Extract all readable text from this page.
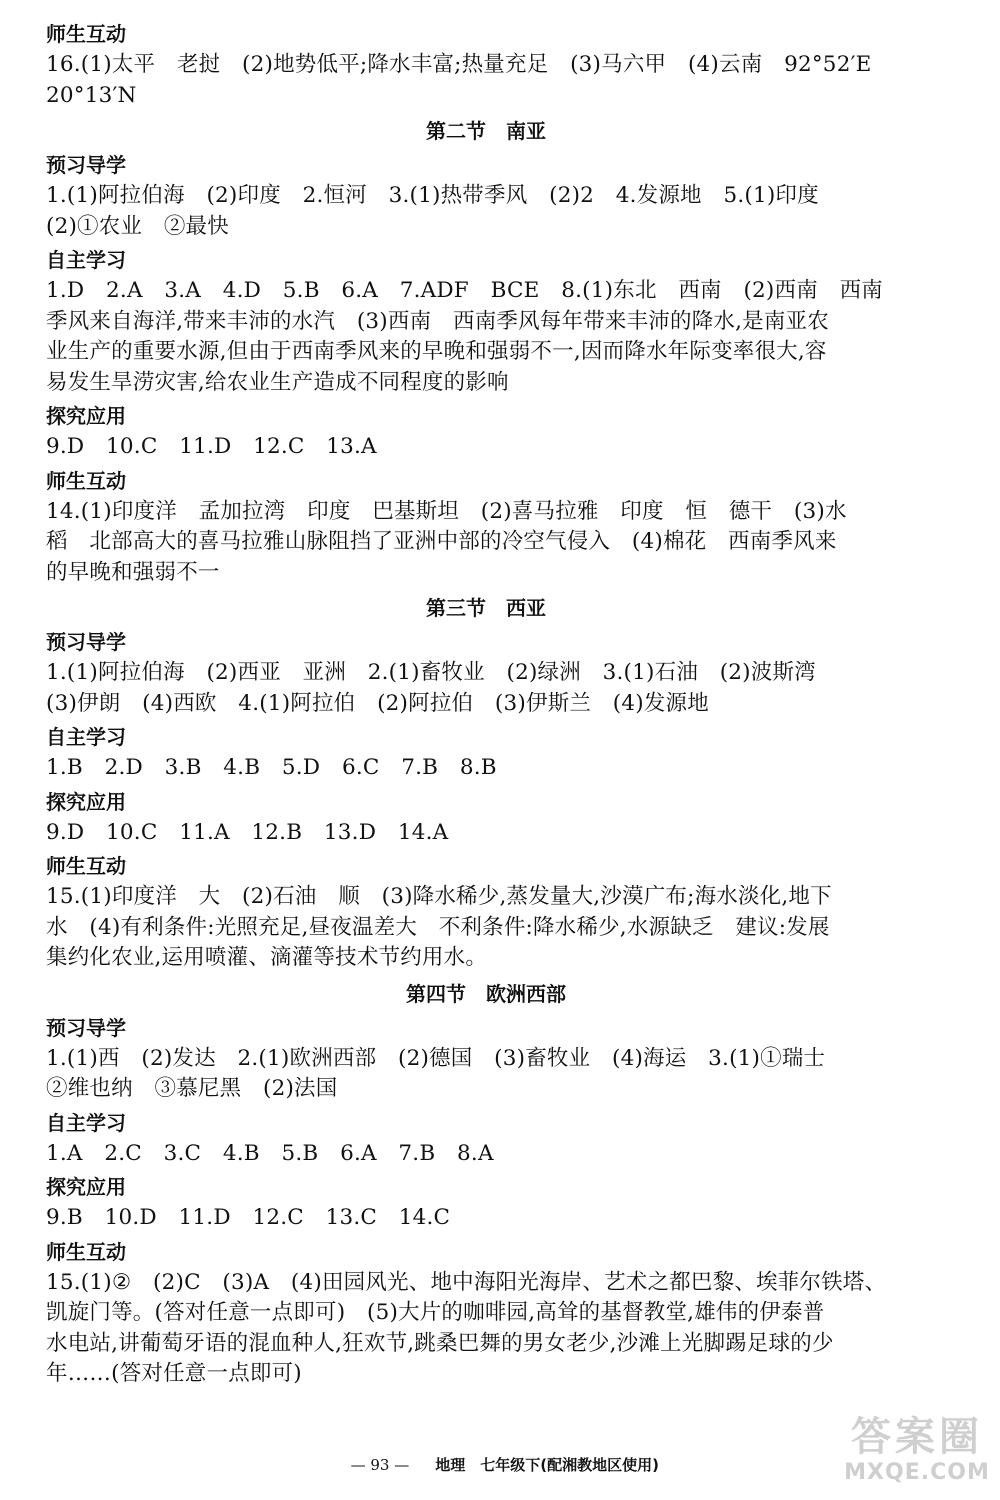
师生互动
16.(1)太平　老挝　(2)地势低平;降水丰富;热量充足　(3)马六甲　(4)云南　92°52′E
20°13′N
第二节　南亚
预习导学
1.(1)阿拉伯海　(2)印度　2.恒河　3.(1)热带季风　(2)2　4.发源地　5.(1)印度
(2)①农业　②最快
自主学习
1.D　2.A　3.A　4.D　5.B　6.A　7.ADF　BCE　8.(1)东北　西南　(2)西南　西南
季风来自海洋,带来丰沛的水汽　(3)西南　西南季风每年带来丰沛的降水,是南亚农
业生产的重要水源,但由于西南季风来的早晚和强弱不一,因而降水年际变率很大,容
易发生旱涝灾害,给农业生产造成不同程度的影响
探究应用
9.D　10.C　11.D　12.C　13.A
师生互动
14.(1)印度洋　孟加拉湾　印度　巴基斯坦　(2)喜马拉雅　印度　恒　德干　(3)水
稻　北部高大的喜马拉雅山脉阻挡了亚洲中部的冷空气侵入　(4)棉花　西南季风来
的早晚和强弱不一
第三节　西亚
预习导学
1.(1)阿拉伯海　(2)西亚　亚洲　2.(1)畜牧业　(2)绿洲　3.(1)石油　(2)波斯湾
(3)伊朗　(4)西欧　4.(1)阿拉伯　(2)阿拉伯　(3)伊斯兰　(4)发源地
自主学习
1.B　2.D　3.B　4.B　5.D　6.C　7.B　8.B
探究应用
9.D　10.C　11.A　12.B　13.D　14.A
师生互动
15.(1)印度洋　大　(2)石油　顺　(3)降水稀少,蒸发量大,沙漠广布;海水淡化,地下
水　(4)有利条件:光照充足,昼夜温差大　不利条件:降水稀少,水源缺乏　建议:发展
集约化农业,运用喷灌、滴灌等技术节约用水。
第四节　欧洲西部
预习导学
1.(1)西　(2)发达　2.(1)欧洲西部　(2)德国　(3)畜牧业　(4)海运　3.(1)①瑞士
②维也纳　③慕尼黑　(2)法国
自主学习
1.A　2.C　3.C　4.B　5.B　6.A　7.B　8.A
探究应用
9.B　10.D　11.D　12.C　13.C　14.C
师生互动
15.(1)②　(2)C　(3)A　(4)田园风光、地中海阳光海岸、艺术之都巴黎、埃菲尔铁塔、
凯旋门等。(答对任意一点即可)　(5)大片的咖啡园,高耸的基督教堂,雄伟的伊泰普
水电站,讲葡萄牙语的混血种人,狂欢节,跳桑巴舞的男女老少,沙滩上光脚踢足球的少
年……(答对任意一点即可)

— 93 — 地理　七年级下(配湘教地区使用)

答案圈
MXQE.COM
